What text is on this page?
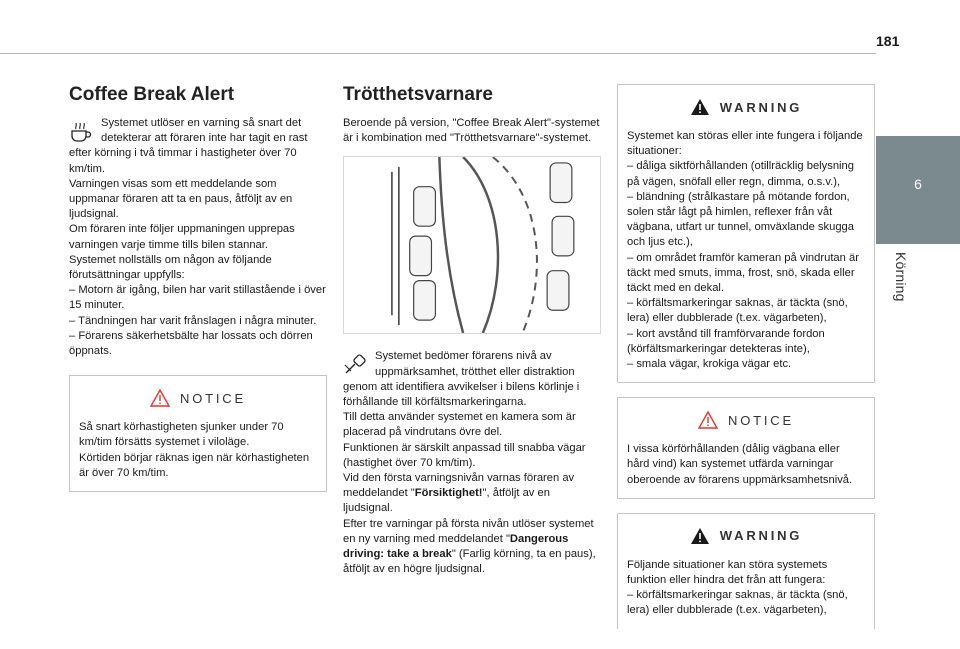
181
6
Körning
Coffee Break Alert
Systemet utlöser en varning så snart det detekterar att föraren inte har tagit en rast efter körning i två timmar i hastigheter över 70 km/tim.
Varningen visas som ett meddelande som uppmanar föraren att ta en paus, åtföljt av en ljudsignal.
Om föraren inte följer uppmaningen upprepas varningen varje timme tills bilen stannar.
Systemet nollställs om någon av följande förutsättningar uppfylls:
– Motorn är igång, bilen har varit stillastående i över 15 minuter.
– Tändningen har varit frånslagen i några minuter.
– Förarens säkerhetsbälte har lossats och dörren öppnats.
NOTICE
Så snart körhastigheten sjunker under 70 km/tim försätts systemet i viloläge.
Körtiden börjar räknas igen när körhastigheten är över 70 km/tim.
Trötthetsvarnare
Beroende på version, "Coffee Break Alert"-systemet är i kombination med "Trötthetsvarnare"-systemet.
Systemet bedömer förarens nivå av uppmärksamhet, trötthet eller distraktion genom att identifiera avvikelser i bilens körlinje i förhållande till körfältsmarkeringarna.
Till detta använder systemet en kamera som är placerad på vindrutans övre del.
Funktionen är särskilt anpassad till snabba vägar (hastighet över 70 km/tim).
Vid den första varningsnivån varnas föraren av meddelandet "Försiktighet!", åtföljt av en ljudsignal.
Efter tre varningar på första nivån utlöser systemet en ny varning med meddelandet "Dangerous driving: take a break" (Farlig körning, ta en paus), åtföljt av en högre ljudsignal.
WARNING
Systemet kan störas eller inte fungera i följande situationer:
– dåliga siktförhållanden (otillräcklig belysning på vägen, snöfall eller regn, dimma, o.s.v.),
– bländning (strålkastare på mötande fordon, solen står lågt på himlen, reflexer från våt vägbana, utfart ur tunnel, omväxlande skugga och ljus etc.),
– om området framför kameran på vindrutan är täckt med smuts, imma, frost, snö, skada eller täckt med en dekal.
– körfältsmarkeringar saknas, är täckta (snö, lera) eller dubblerade (t.ex. vägarbeten),
– kort avstånd till framförvarande fordon (körfältsmarkeringar detekteras inte),
– smala vägar, krokiga vägar etc.
NOTICE
I vissa körförhållanden (dålig vägbana eller hård vind) kan systemet utfärda varningar oberoende av förarens uppmärksamhetsnivå.
WARNING
Följande situationer kan störa systemets funktion eller hindra det från att fungera:
– körfältsmarkeringar saknas, är täckta (snö, lera) eller dubblerade (t.ex. vägarbeten),
